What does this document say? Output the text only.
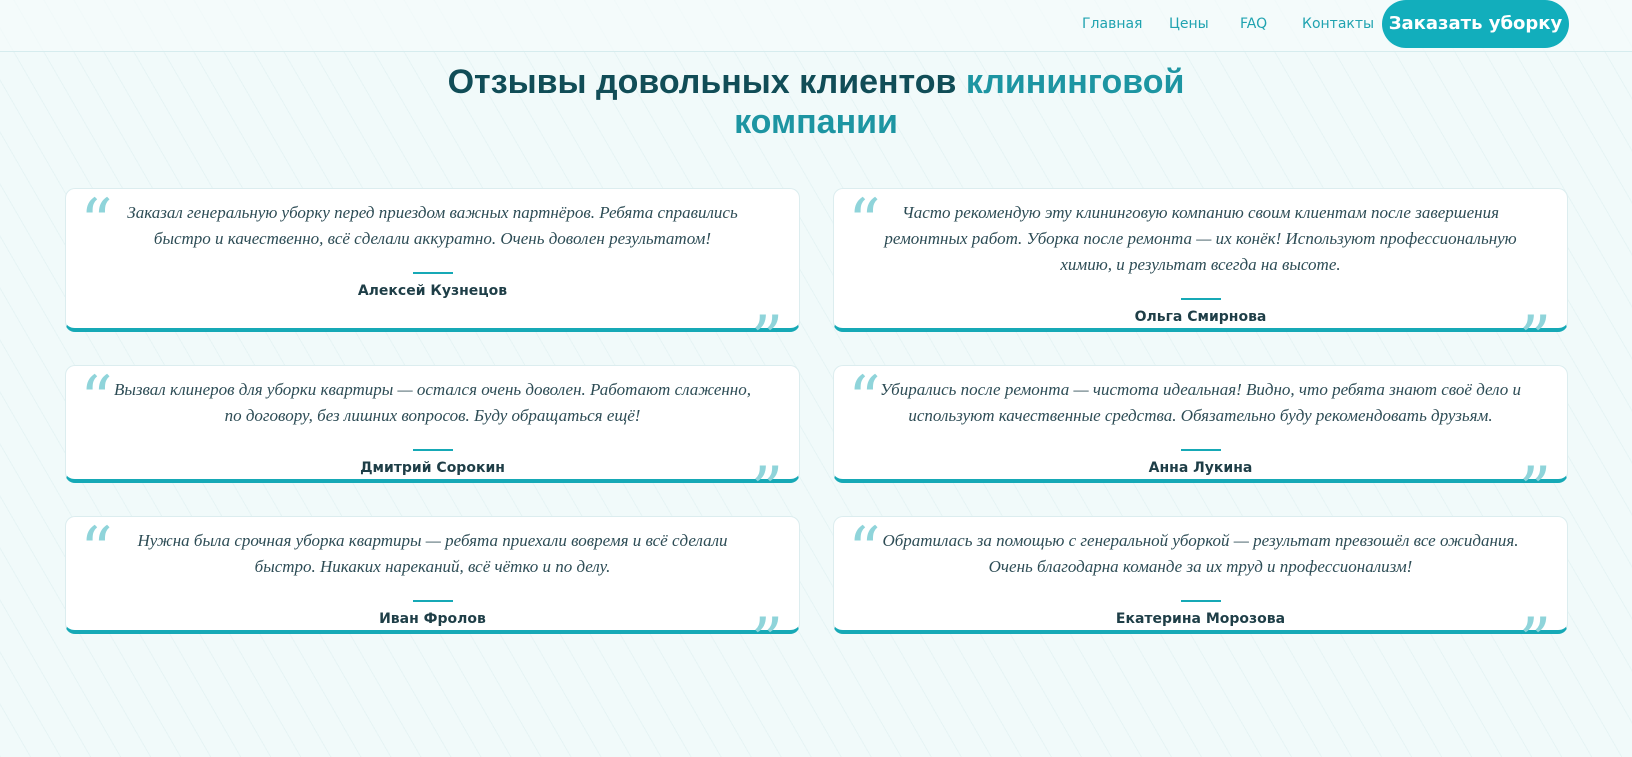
Главная Цены FAQ Контакты Заказать уборку
Отзывы довольных клиентов клининговой
компании
“ Заказал генеральную уборку перед приездом важных партнёров. Ребята справились быстро и качественно, всё сделали аккуратно. Очень доволен результатом!

Алексей Кузнецов	“
“	Часто рекомендую эту клининговую компанию своим клиентам после завершения ремонтных работ. Уборка после ремонта — их конёк! Используют профессиональную химию, и результат всегда на высоте.

Ольга Смирнова	“
“ Вызвал клинеров для уборки квартиры — остался очень доволен. Работают слаженно, по договору, без лишних вопросов. Буду обращаться ещё!

Дмитрий Сорокин	“
“ Убирались после ремонта — чистота идеальная! Видно, что ребята знают своё дело и используют качественные средства. Обязательно буду рекомендовать друзьям.

Анна Лукина	“
“	Нужна была срочная уборка квартиры — ребята приехали вовремя и всё сделали быстро. Никаких нареканий, всё чётко и по делу.

Иван Фролов	“
“ Обратилась за помощью с генеральной уборкой — результат превзошёл все ожидания. Очень благодарна команде за их труд и профессионализм!

Екатерина Морозова	“
